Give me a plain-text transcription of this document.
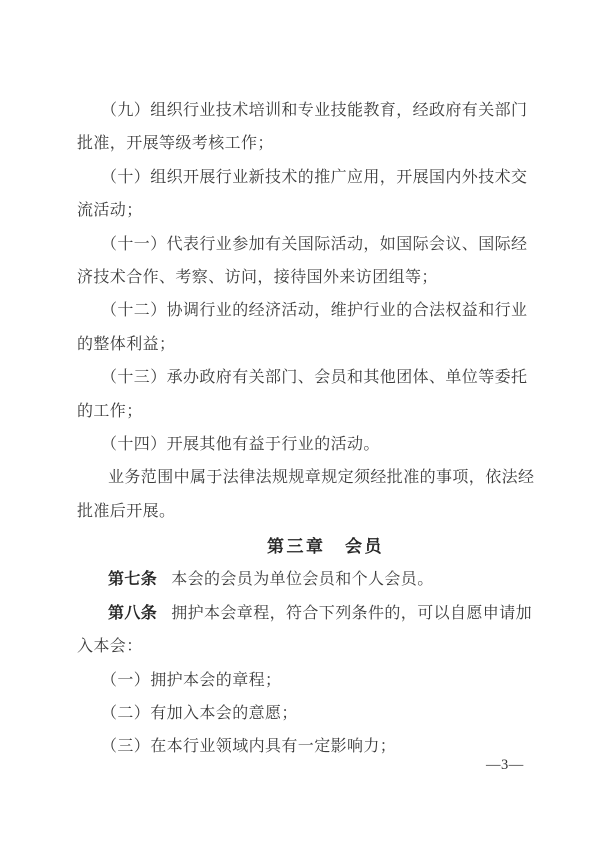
（九）组织行业技术培训和专业技能教育，经政府有关部门
批准，开展等级考核工作；
（十）组织开展行业新技术的推广应用，开展国内外技术交
流活动；
（十一）代表行业参加有关国际活动，如国际会议、国际经
济技术合作、考察、访问，接待国外来访团组等；
（十二）协调行业的经济活动，维护行业的合法权益和行业
的整体利益；
（十三）承办政府有关部门、会员和其他团体、单位等委托
的工作；
（十四）开展其他有益于行业的活动。
业务范围中属于法律法规规章规定须经批准的事项，依法经
批准后开展。
第三章　会员
第七条 本会的会员为单位会员和个人会员。
第八条 拥护本会章程，符合下列条件的，可以自愿申请加
入本会：
（一）拥护本会的章程；
（二）有加入本会的意愿；
（三）在本行业领域内具有一定影响力；
—3—
